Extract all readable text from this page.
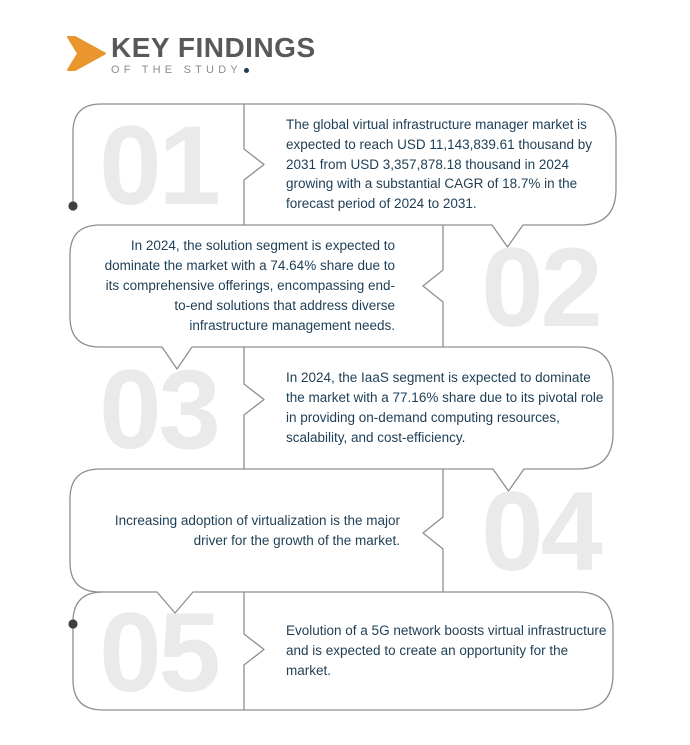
KEY FINDINGS
OF THE STUDY
01	The global virtual infrastructure manager market is expected to reach USD 11,143,839.61 thousand by 2031 from USD 3,357,878.18 thousand in 2024 growing with a substantial CAGR of 18.7% in the forecast period of 2024 to 2031.
02
In 2024, the solution segment is expected to dominate the market with a 74.64% share due to its comprehensive offerings, encompassing end-to-end solutions that address diverse infrastructure management needs.
03	In 2024, the IaaS segment is expected to dominate the market with a 77.16% share due to its pivotal role in providing on-demand computing resources, scalability, and cost-efficiency.
04
Increasing adoption of virtualization is the major driver for the growth of the market.
05	Evolution of a 5G network boosts virtual infrastructure and is expected to create an opportunity for the market.
